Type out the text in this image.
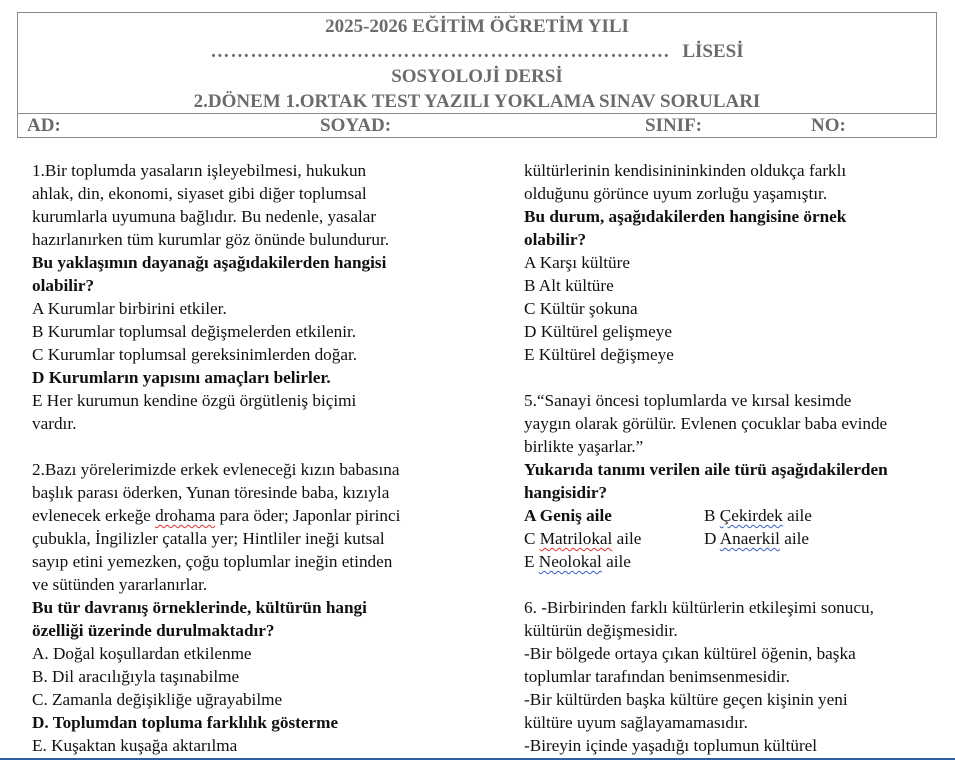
2025-2026 EĞİTİM ÖĞRETİM YILI
…………………………………………………………… LİSESİ
SOSYOLOJİ DERSİ
2.DÖNEM 1.ORTAK TEST YAZILI YOKLAMA SINAV SORULARI
AD:	SOYAD:	SINIF:	NO:
1.Bir toplumda yasaların işleyebilmesi, hukukun
ahlak, din, ekonomi, siyaset gibi diğer toplumsal
kurumlarla uyumuna bağlıdır. Bu nedenle, yasalar
hazırlanırken tüm kurumlar göz önünde bulundurur.
Bu yaklaşımın dayanağı aşağıdakilerden hangisi
olabilir?
A Kurumlar birbirini etkiler.
B Kurumlar toplumsal değişmelerden etkilenir.
C Kurumlar toplumsal gereksinimlerden doğar.
D Kurumların yapısını amaçları belirler.
E Her kurumun kendine özgü örgütleniş biçimi
vardır.
2.Bazı yörelerimizde erkek evleneceği kızın babasına
başlık parası öderken, Yunan töresinde baba, kızıyla
evlenecek erkeğe drohama para öder; Japonlar pirinci
çubukla, İngilizler çatalla yer; Hintliler ineği kutsal
sayıp etini yemezken, çoğu toplumlar ineğin etinden
ve sütünden yararlanırlar.
Bu tür davranış örneklerinde, kültürün hangi
özelliği üzerinde durulmaktadır?
A. Doğal koşullardan etkilenme
B. Dil aracılığıyla taşınabilme
C. Zamanla değişikliğe uğrayabilme
D. Toplumdan topluma farklılık gösterme
E. Kuşaktan kuşağa aktarılma
kültürlerinin kendisinininkinden oldukça farklı
olduğunu görünce uyum zorluğu yaşamıştır.
Bu durum, aşağıdakilerden hangisine örnek
olabilir?
A Karşı kültüre
B Alt kültüre
C Kültür şokuna
D Kültürel gelişmeye
E Kültürel değişmeye
5.“Sanayi öncesi toplumlarda ve kırsal kesimde
yaygın olarak görülür. Evlenen çocuklar baba evinde
birlikte yaşarlar.”
Yukarıda tanımı verilen aile türü aşağıdakilerden
hangisidir?
A Geniş aile	B Çekirdek aile
C Matrilokal aile	D Anaerkil aile
E Neolokal aile
6. -Birbirinden farklı kültürlerin etkileşimi sonucu,
kültürün değişmesidir.
-Bir bölgede ortaya çıkan kültürel öğenin, başka
toplumlar tarafından benimsenmesidir.
-Bir kültürden başka kültüre geçen kişinin yeni
kültüre uyum sağlayamamasıdır.
-Bireyin içinde yaşadığı toplumun kültürel
